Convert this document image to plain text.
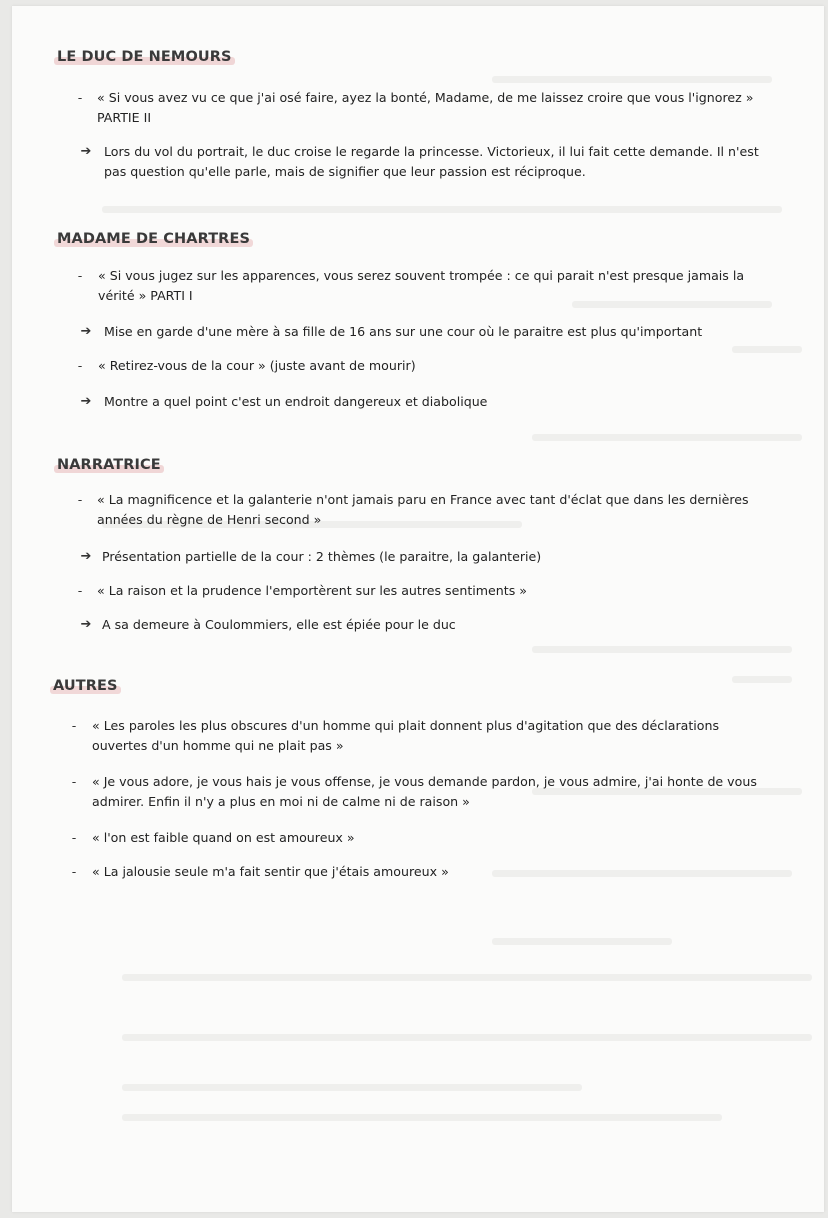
LE DUC DE NEMOURS
-	« Si vous avez vu ce que j'ai osé faire, ayez la bonté, Madame, de me laissez croire que vous l'ignorez »
PARTIE II
➔ Lors du vol du portrait, le duc croise le regarde la princesse. Victorieux, il lui fait cette demande. Il n'est
pas question qu'elle parle, mais de signifier que leur passion est réciproque.
MADAME DE CHARTRES
-	« Si vous jugez sur les apparences, vous serez souvent trompée : ce qui parait n'est presque jamais la
vérité » PARTI I
➔ Mise en garde d'une mère à sa fille de 16 ans sur une cour où le paraitre est plus qu'important
-	« Retirez-vous de la cour » (juste avant de mourir)
➔ Montre a quel point c'est un endroit dangereux et diabolique
NARRATRICE
-	« La magnificence et la galanterie n'ont jamais paru en France avec tant d'éclat que dans les dernières
années du règne de Henri second »
➔ Présentation partielle de la cour : 2 thèmes (le paraitre, la galanterie)
-	« La raison et la prudence l'emportèrent sur les autres sentiments »
➔ A sa demeure à Coulommiers, elle est épiée pour le duc
AUTRES
-	« Les paroles les plus obscures d'un homme qui plait donnent plus d'agitation que des déclarations
ouvertes d'un homme qui ne plait pas »
-	« Je vous adore, je vous hais je vous offense, je vous demande pardon, je vous admire, j'ai honte de vous
admirer. Enfin il n'y a plus en moi ni de calme ni de raison »
-	« l'on est faible quand on est amoureux »
-	« La jalousie seule m'a fait sentir que j'étais amoureux »
